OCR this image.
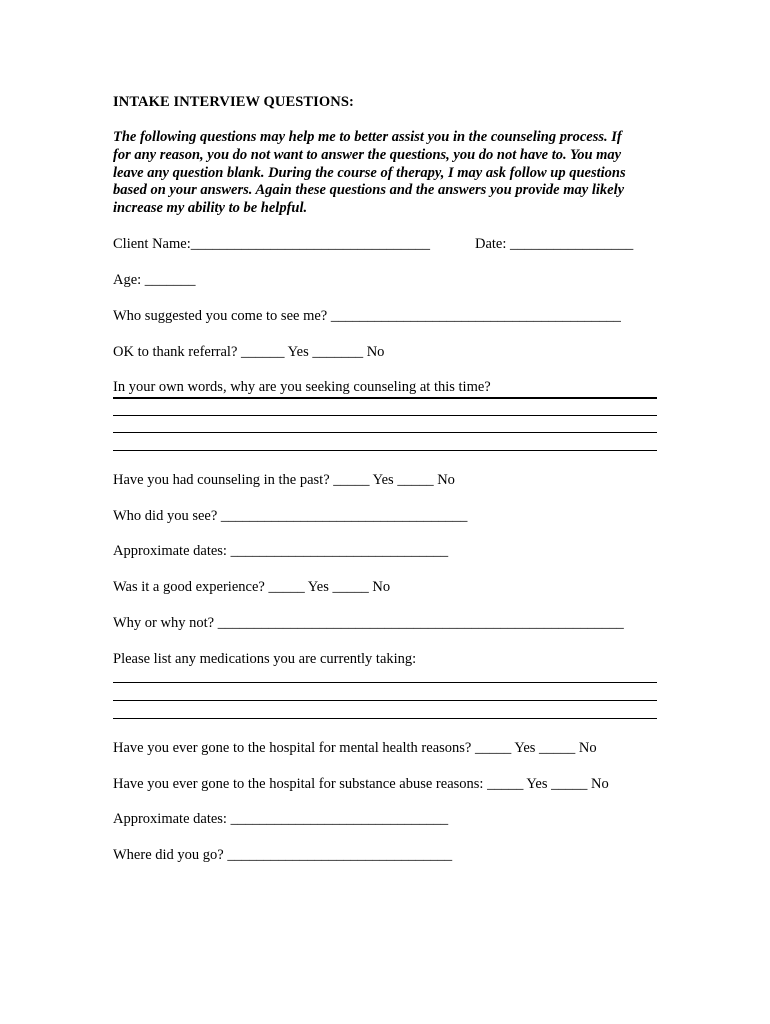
INTAKE INTERVIEW QUESTIONS:

The following questions may help me to better assist you in the counseling process. If
for any reason, you do not want to answer the questions, you do not have to. You may
leave any question blank. During the course of therapy, I may ask follow up questions
based on your answers. Again these questions and the answers you provide may likely
increase my ability to be helpful.

Client Name:_________________________________	Date: _________________
Age: _______
Who suggested you come to see me? ________________________________________
OK to thank referral? ______ Yes _______ No
In your own words, why are you seeking counseling at this time?
Have you had counseling in the past? _____ Yes _____ No
Who did you see? __________________________________
Approximate dates: ______________________________
Was it a good experience? _____ Yes _____ No
Why or why not? ________________________________________________________
Please list any medications you are currently taking:
Have you ever gone to the hospital for mental health reasons? _____ Yes _____ No
Have you ever gone to the hospital for substance abuse reasons: _____ Yes _____ No
Approximate dates: ______________________________
Where did you go? _______________________________
